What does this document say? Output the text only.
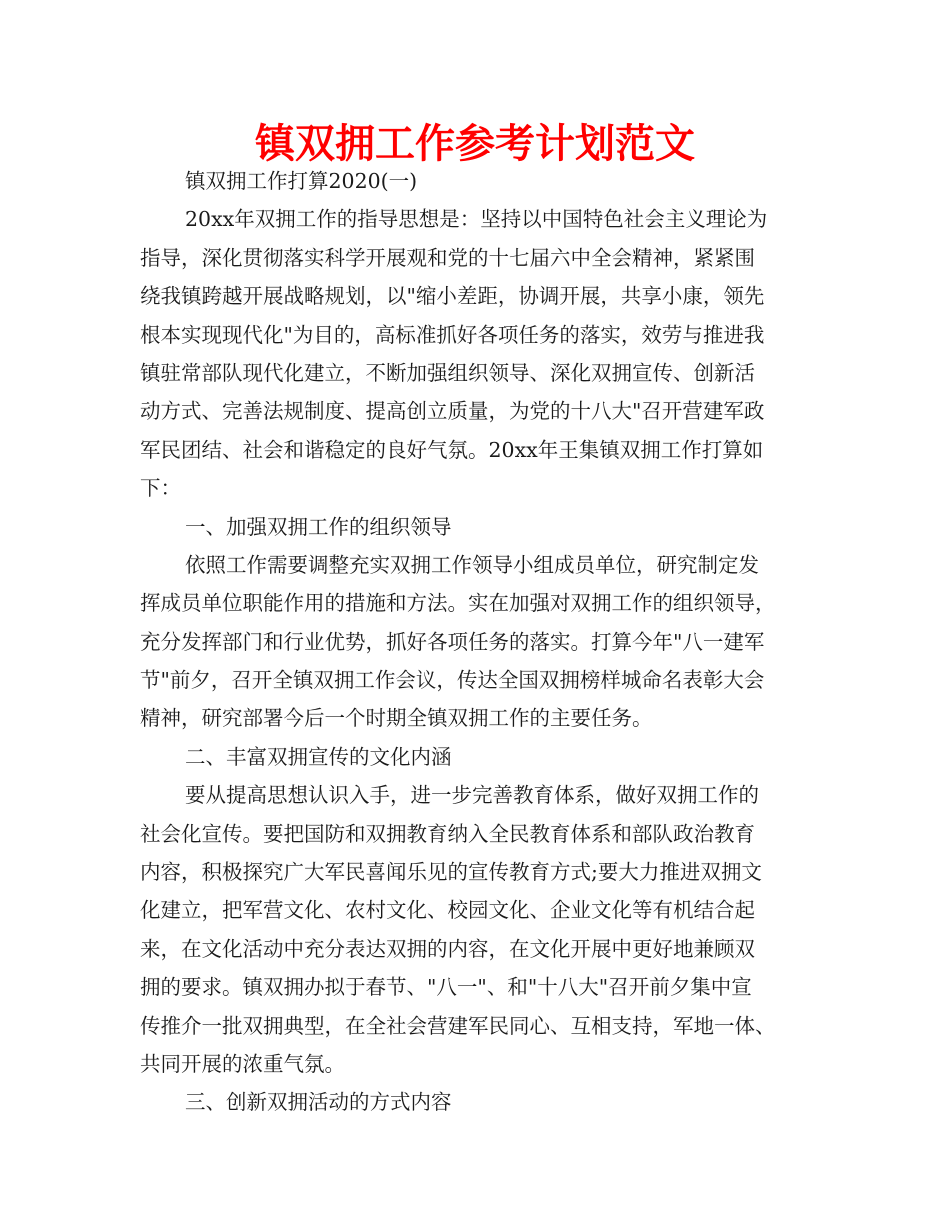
镇双拥工作参考计划范文
镇双拥工作打算2020(一)
20xx年双拥工作的指导思想是：坚持以中国特色社会主义理论为
指导，深化贯彻落实科学开展观和党的十七届六中全会精神，紧紧围
绕我镇跨越开展战略规划，以"缩小差距，协调开展，共享小康，领先
根本实现现代化"为目的，高标准抓好各项任务的落实，效劳与推进我
镇驻常部队现代化建立，不断加强组织领导、深化双拥宣传、创新活
动方式、完善法规制度、提高创立质量，为党的十八大"召开营建军政
军民团结、社会和谐稳定的良好气氛。20xx年王集镇双拥工作打算如
下：
一、加强双拥工作的组织领导
依照工作需要调整充实双拥工作领导小组成员单位，研究制定发
挥成员单位职能作用的措施和方法。实在加强对双拥工作的组织领导，
充分发挥部门和行业优势，抓好各项任务的落实。打算今年"八一建军
节"前夕，召开全镇双拥工作会议，传达全国双拥榜样城命名表彰大会
精神，研究部署今后一个时期全镇双拥工作的主要任务。
二、丰富双拥宣传的文化内涵
要从提高思想认识入手，进一步完善教育体系，做好双拥工作的
社会化宣传。要把国防和双拥教育纳入全民教育体系和部队政治教育
内容，积极探究广大军民喜闻乐见的宣传教育方式;要大力推进双拥文
化建立，把军营文化、农村文化、校园文化、企业文化等有机结合起
来，在文化活动中充分表达双拥的内容，在文化开展中更好地兼顾双
拥的要求。镇双拥办拟于春节、"八一"、和"十八大"召开前夕集中宣
传推介一批双拥典型，在全社会营建军民同心、互相支持，军地一体、
共同开展的浓重气氛。
三、创新双拥活动的方式内容
